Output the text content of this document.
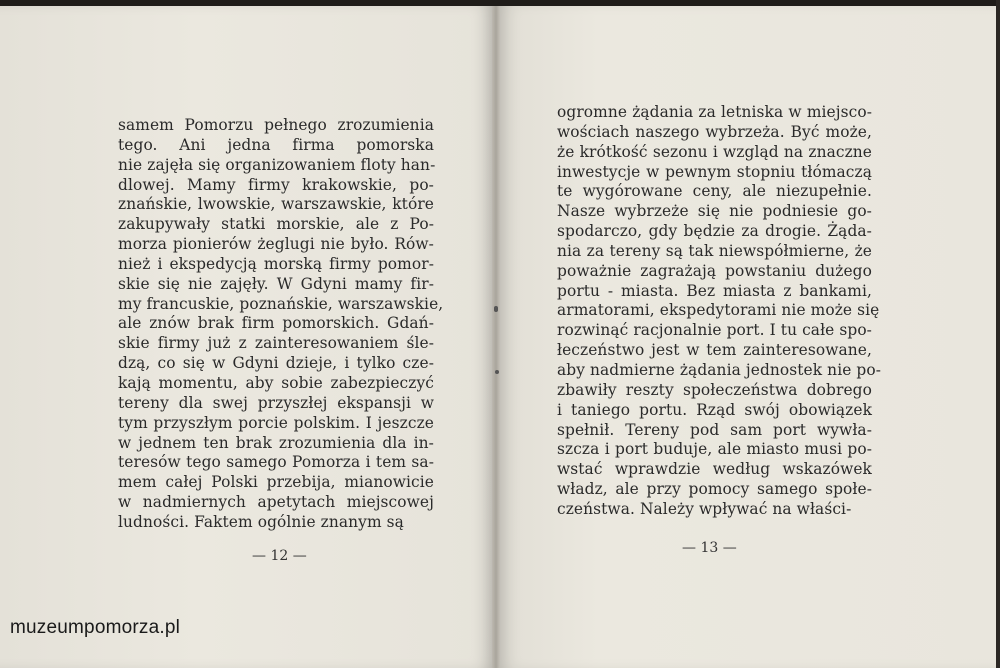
samem Pomorzu pełnego zrozumienia
tego. Ani jedna firma pomorska
nie zajęła się organizowaniem floty han-
dlowej. Mamy firmy krakowskie, po-
znańskie, lwowskie, warszawskie, które
zakupywały statki morskie, ale z Po-
morza pionierów żeglugi nie było. Rów-
nież i ekspedycją morską firmy pomor-
skie się nie zajęły. W Gdyni mamy fir-
my francuskie, poznańskie, warszawskie,
ale znów brak firm pomorskich. Gdań-
skie firmy już z zainteresowaniem śle-
dzą, co się w Gdyni dzieje, i tylko cze-
kają momentu, aby sobie zabezpieczyć
tereny dla swej przyszłej ekspansji w
tym przyszłym porcie polskim. I jeszcze
w jednem ten brak zrozumienia dla in-
teresów tego samego Pomorza i tem sa-
mem całej Polski przebija, mianowicie
w nadmiernych apetytach miejscowej
ludności. Faktem ogólnie znanym są
— 12 —
ogromne żądania za letniska w miejsco-
wościach naszego wybrzeża. Być może,
że krótkość sezonu i wzgląd na znaczne
inwestycje w pewnym stopniu tłómaczą
te wygórowane ceny, ale niezupełnie.
Nasze wybrzeże się nie podniesie go-
spodarczo, gdy będzie za drogie. Żąda-
nia za tereny są tak niewspółmierne, że
poważnie zagrażają powstaniu dużego
portu - miasta. Bez miasta z bankami,
armatorami, ekspedytorami nie może się
rozwinąć racjonalnie port. I tu całe spo-
łeczeństwo jest w tem zainteresowane,
aby nadmierne żądania jednostek nie po-
zbawiły reszty społeczeństwa dobrego
i taniego portu. Rząd swój obowiązek
spełnił. Tereny pod sam port wywła-
szcza i port buduje, ale miasto musi po-
wstać wprawdzie według wskazówek
władz, ale przy pomocy samego społe-
czeństwa. Należy wpływać na właści-
— 13 —
muzeumpomorza.pl
